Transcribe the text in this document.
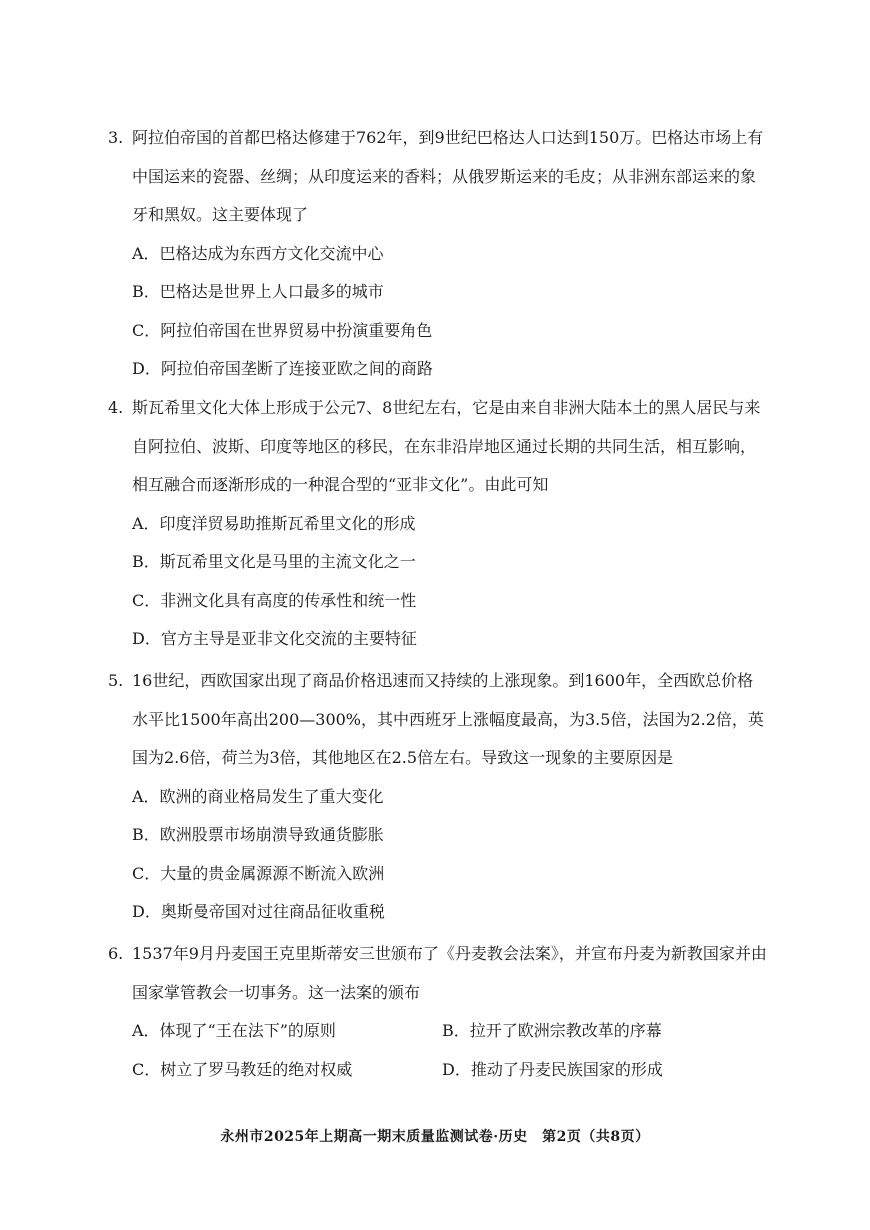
3. 阿拉伯帝国的首都巴格达修建于762年，到9世纪巴格达人口达到150万。巴格达市场上有中国运来的瓷器、丝绸；从印度运来的香料；从俄罗斯运来的毛皮；从非洲东部运来的象牙和黑奴。这主要体现了
A．巴格达成为东西方文化交流中心
B．巴格达是世界上人口最多的城市
C．阿拉伯帝国在世界贸易中扮演重要角色
D．阿拉伯帝国垄断了连接亚欧之间的商路
4. 斯瓦希里文化大体上形成于公元7、8世纪左右，它是由来自非洲大陆本土的黑人居民与来自阿拉伯、波斯、印度等地区的移民，在东非沿岸地区通过长期的共同生活，相互影响，相互融合而逐渐形成的一种混合型的“亚非文化”。由此可知
A．印度洋贸易助推斯瓦希里文化的形成
B．斯瓦希里文化是马里的主流文化之一
C．非洲文化具有高度的传承性和统一性
D．官方主导是亚非文化交流的主要特征
5. 16世纪，西欧国家出现了商品价格迅速而又持续的上涨现象。到1600年，全西欧总价格水平比1500年高出200—300%，其中西班牙上涨幅度最高，为3.5倍，法国为2.2倍，英国为2.6倍，荷兰为3倍，其他地区在2.5倍左右。导致这一现象的主要原因是
A．欧洲的商业格局发生了重大变化
B．欧洲股票市场崩溃导致通货膨胀
C．大量的贵金属源源不断流入欧洲
D．奥斯曼帝国对过往商品征收重税
6. 1537年9月丹麦国王克里斯蒂安三世颁布了《丹麦教会法案》，并宣布丹麦为新教国家并由国家掌管教会一切事务。这一法案的颁布
A．体现了“王在法下”的原则	B．拉开了欧洲宗教改革的序幕
C．树立了罗马教廷的绝对权威	D．推动了丹麦民族国家的形成
永州市2025年上期高一期末质量监测试卷·历史　第2页（共8页）
